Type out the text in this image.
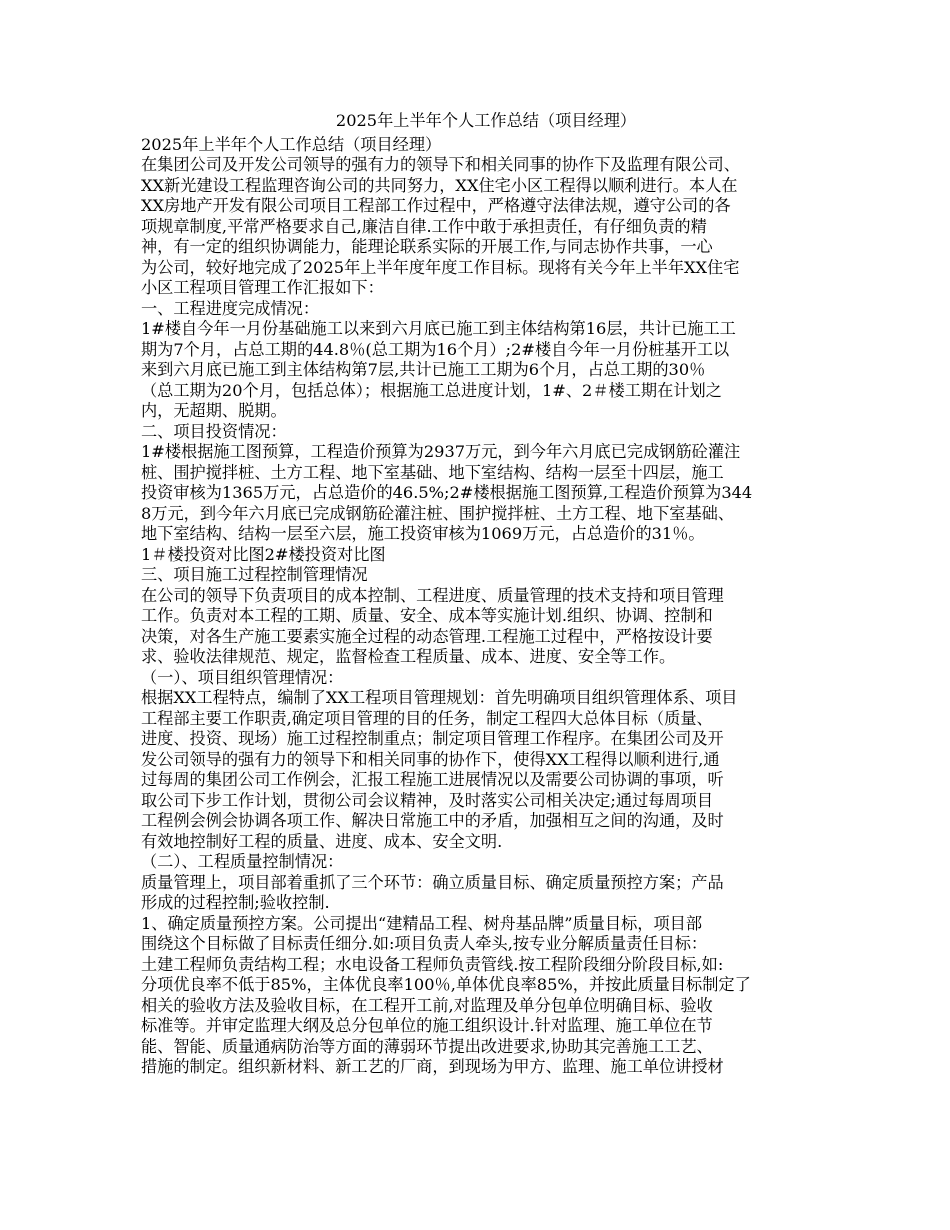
2025年上半年个人工作总结（项目经理）
2025年上半年个人工作总结（项目经理）
在集团公司及开发公司领导的强有力的领导下和相关同事的协作下及监理有限公司、
XX新光建设工程监理咨询公司的共同努力，XX住宅小区工程得以顺利进行。本人在
XX房地产开发有限公司项目工程部工作过程中，严格遵守法律法规，遵守公司的各
项规章制度,平常严格要求自己,廉洁自律.工作中敢于承担责任，有仔细负责的精
神，有一定的组织协调能力，能理论联系实际的开展工作,与同志协作共事，一心
为公司，较好地完成了2025年上半年度年度工作目标。现将有关今年上半年XX住宅
小区工程项目管理工作汇报如下：
一、工程进度完成情况：
1#楼自今年一月份基础施工以来到六月底已施工到主体结构第16层，共计已施工工
期为7个月，占总工期的44.8％(总工期为16个月）;2#楼自今年一月份桩基开工以
来到六月底已施工到主体结构第7层,共计已施工工期为6个月，占总工期的30％
（总工期为20个月，包括总体）；根据施工总进度计划，1#、2＃楼工期在计划之
内，无超期、脱期。
二、项目投资情况：
1#楼根据施工图预算，工程造价预算为2937万元，到今年六月底已完成钢筋砼灌注
桩、围护搅拌桩、土方工程、地下室基础、地下室结构、结构一层至十四层，施工
投资审核为1365万元，占总造价的46.5%;2#楼根据施工图预算,工程造价预算为344
8万元，到今年六月底已完成钢筋砼灌注桩、围护搅拌桩、土方工程、地下室基础、
地下室结构、结构一层至六层，施工投资审核为1069万元，占总造价的31％。
1＃楼投资对比图2#楼投资对比图
三、项目施工过程控制管理情况
在公司的领导下负责项目的成本控制、工程进度、质量管理的技术支持和项目管理
工作。负责对本工程的工期、质量、安全、成本等实施计划.组织、协调、控制和
决策，对各生产施工要素实施全过程的动态管理.工程施工过程中，严格按设计要
求、验收法律规范、规定，监督检查工程质量、成本、进度、安全等工作。
（一）、项目组织管理情况：
根据XX工程特点，编制了XX工程项目管理规划：首先明确项目组织管理体系、项目
工程部主要工作职责,确定项目管理的目的任务，制定工程四大总体目标（质量、
进度、投资、现场）施工过程控制重点；制定项目管理工作程序。在集团公司及开
发公司领导的强有力的领导下和相关同事的协作下，使得XX工程得以顺利进行,通
过每周的集团公司工作例会，汇报工程施工进展情况以及需要公司协调的事项，听
取公司下步工作计划，贯彻公司会议精神，及时落实公司相关决定;通过每周项目
工程例会例会协调各项工作、解决日常施工中的矛盾，加强相互之间的沟通，及时
有效地控制好工程的质量、进度、成本、安全文明.
（二）、工程质量控制情况：
质量管理上，项目部着重抓了三个环节：确立质量目标、确定质量预控方案；产品
形成的过程控制;验收控制.
1、确定质量预控方案。公司提出“建精品工程、树舟基品牌”质量目标，项目部
围绕这个目标做了目标责任细分.如:项目负责人牵头,按专业分解质量责任目标：
土建工程师负责结构工程；水电设备工程师负责管线.按工程阶段细分阶段目标,如:
分项优良率不低于85%，主体优良率100％,单体优良率85%，并按此质量目标制定了
相关的验收方法及验收目标，在工程开工前,对监理及单分包单位明确目标、验收
标准等。并审定监理大纲及总分包单位的施工组织设计.针对监理、施工单位在节
能、智能、质量通病防治等方面的薄弱环节提出改进要求,协助其完善施工工艺、
措施的制定。组织新材料、新工艺的厂商，到现场为甲方、监理、施工单位讲授材
